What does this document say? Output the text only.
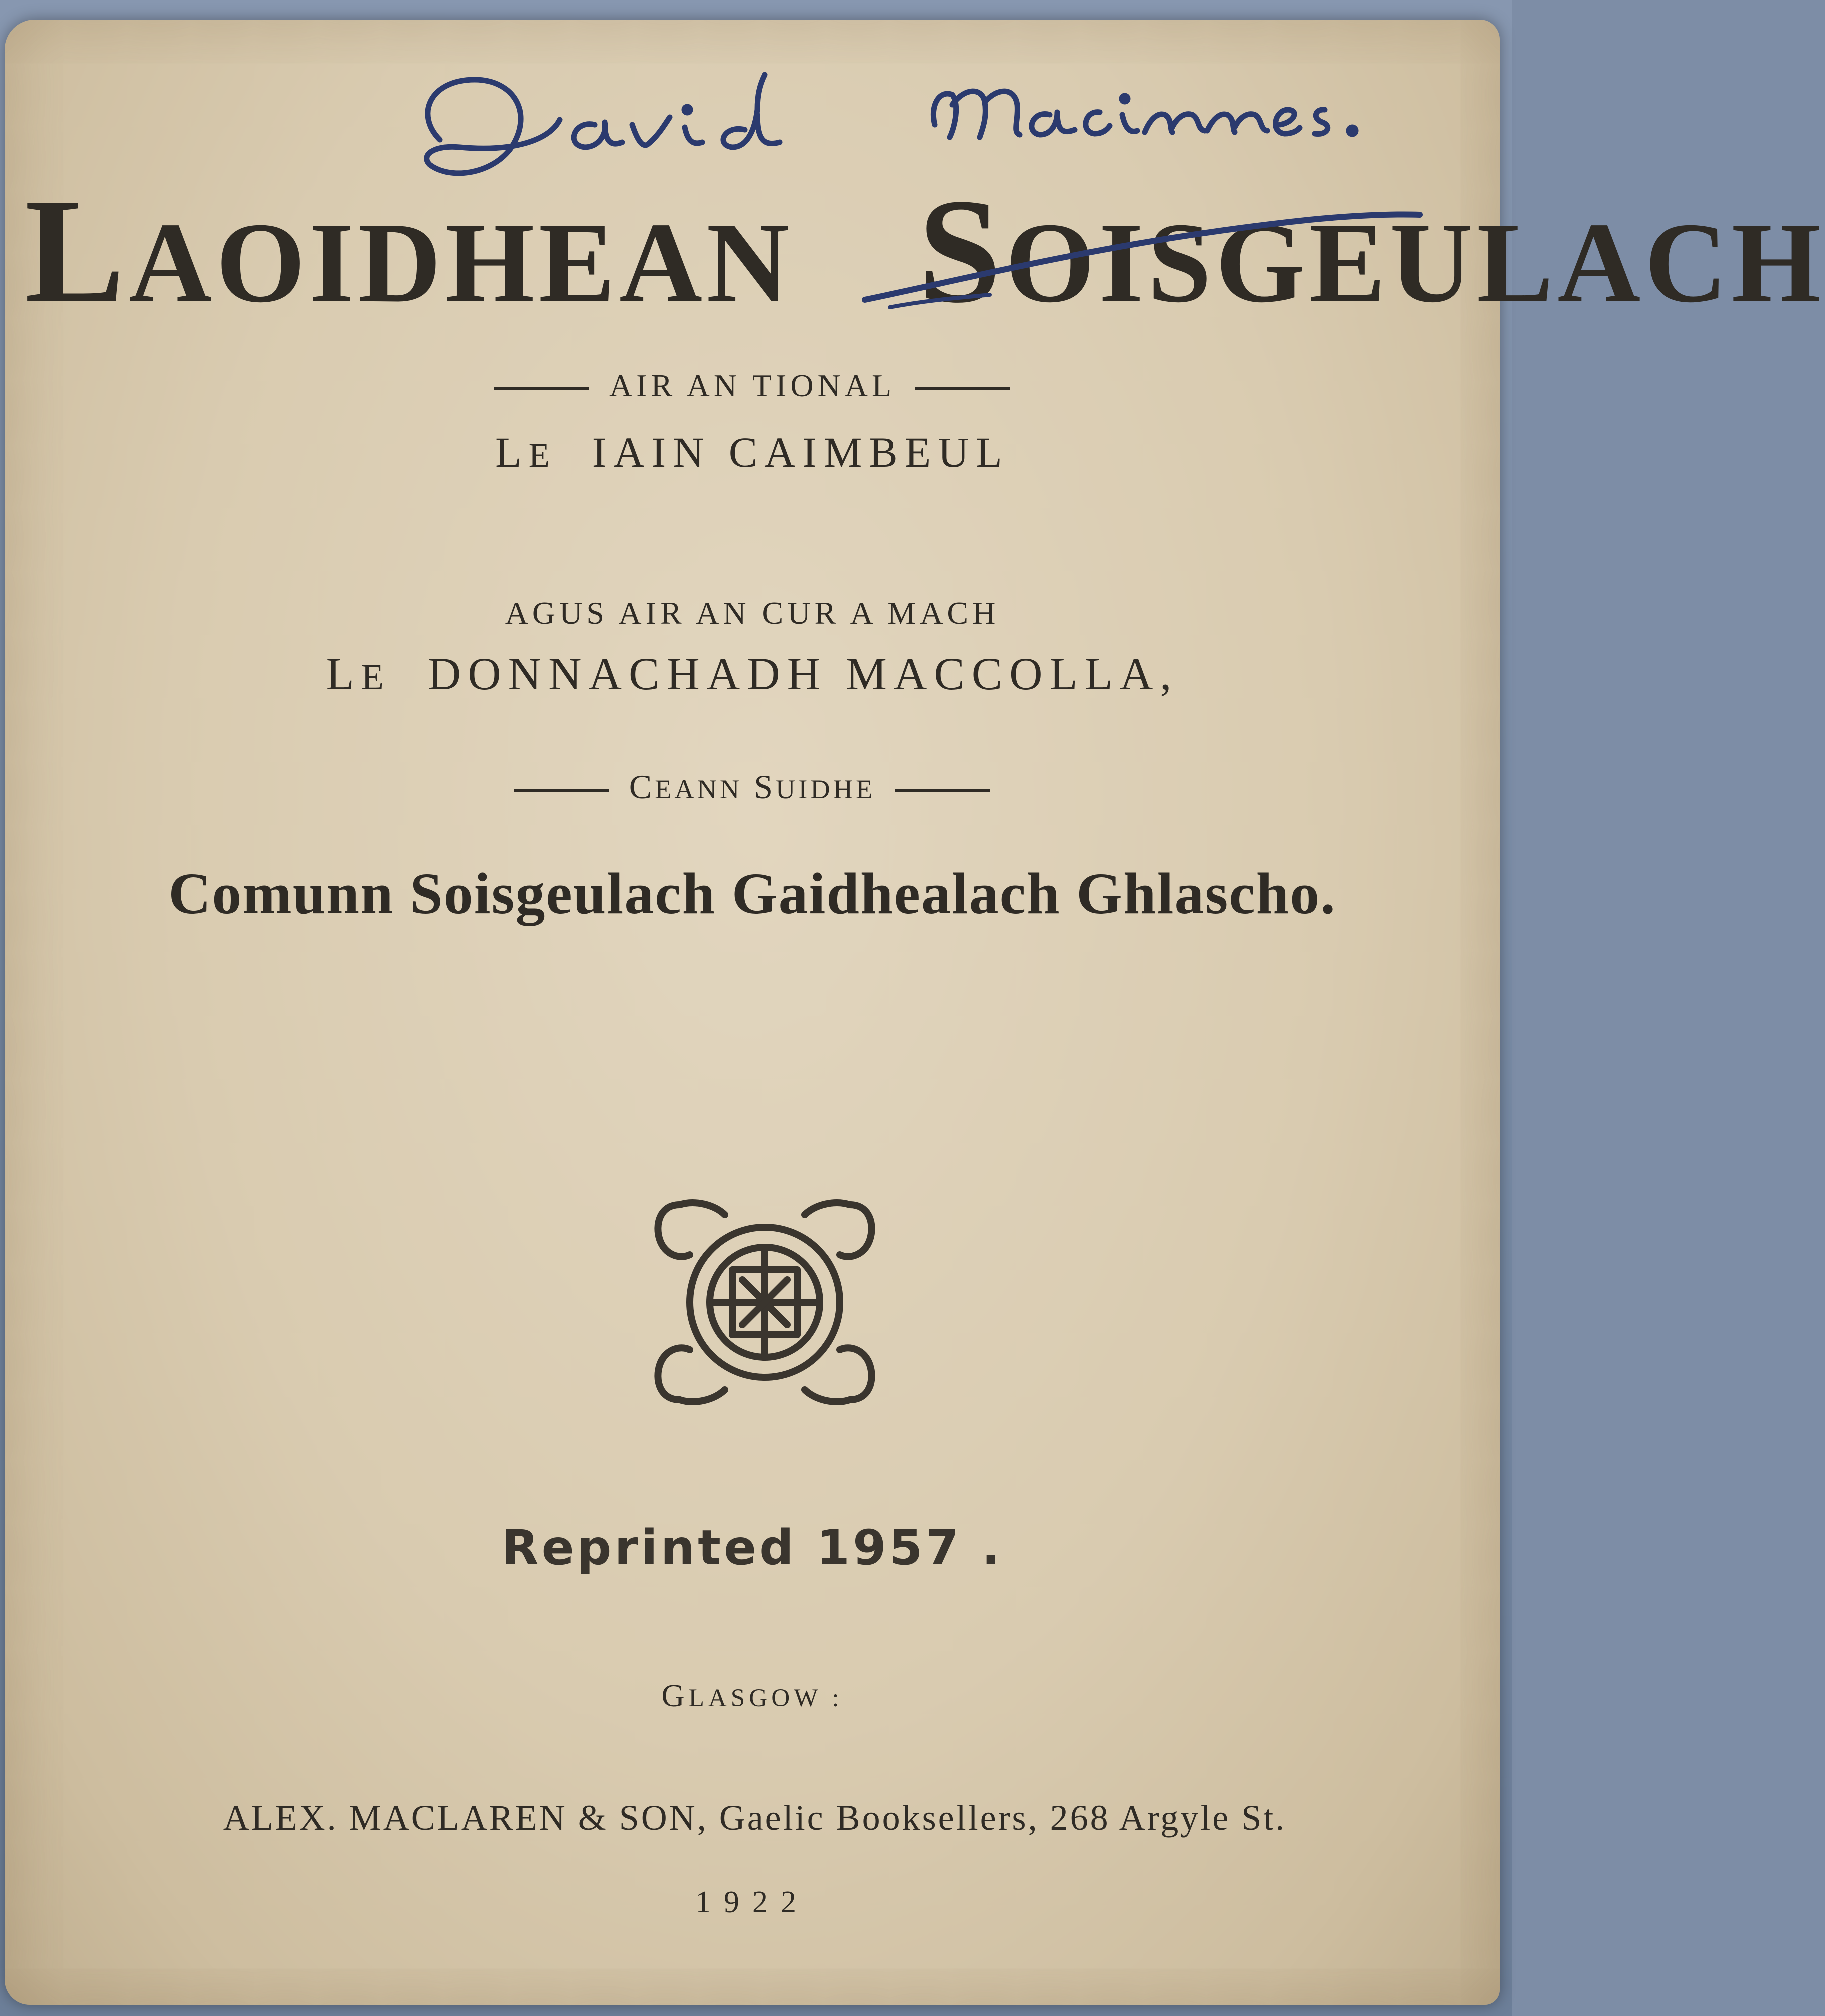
LAOIDHEAN SOISGEULACH
AIR AN TIONAL
LE IAIN CAIMBEUL
AGUS AIR AN CUR A MACH
LE DONNACHADH MACCOLLA,
CEANN SUIDHE
Comunn Soisgeulach Gaidhealach Ghlascho.
Reprinted 1957 .
GLASGOW :
ALEX. MACLAREN & SON, Gaelic Booksellers, 268 Argyle St.
1922
